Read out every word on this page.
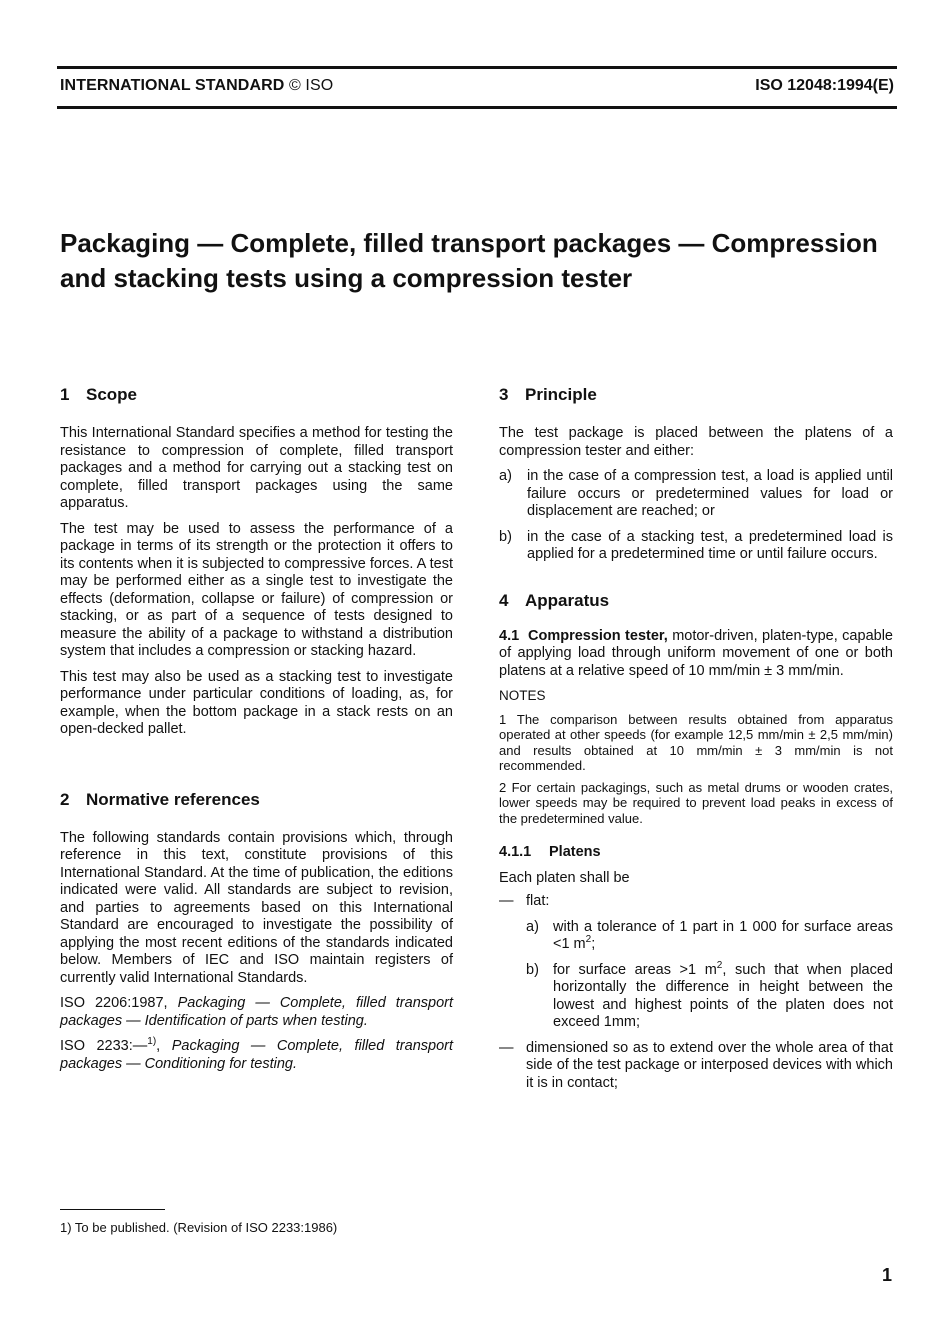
INTERNATIONAL STANDARD © ISO	ISO 12048:1994(E)
Packaging — Complete, filled transport packages — Compression and stacking tests using a compression tester
1 Scope

This International Standard specifies a method for testing the resistance to compression of complete, filled transport packages and a method for carrying out a stacking test on complete, filled transport packages using the same apparatus.

The test may be used to assess the performance of a package in terms of its strength or the protection it offers to its contents when it is subjected to compressive forces. A test may be performed either as a single test to investigate the effects (deformation, collapse or failure) of compression or stacking, or as part of a sequence of tests designed to measure the ability of a package to withstand a distribution system that includes a compression or stacking hazard.

This test may also be used as a stacking test to investigate performance under particular conditions of loading, as, for example, when the bottom package in a stack rests on an open-decked pallet.

2 Normative references

The following standards contain provisions which, through reference in this text, constitute provisions of this International Standard. At the time of publication, the editions indicated were valid. All standards are subject to revision, and parties to agreements based on this International Standard are encouraged to investigate the possibility of applying the most recent editions of the standards indicated below. Members of IEC and ISO maintain registers of currently valid International Standards.

ISO 2206:1987, Packaging — Complete, filled transport packages — Identification of parts when testing.

ISO 2233:—$^{1)}$, Packaging — Complete, filled transport packages — Conditioning for testing.

3 Principle

The test package is placed between the platens of a compression tester and either:

a)	in the case of a compression test, a load is applied until failure occurs or predetermined values for load or displacement are reached; or
b)	in the case of a stacking test, a predetermined load is applied for a predetermined time or until failure occurs.
4 Apparatus

4.1 Compression tester, motor-driven, platen-type, capable of applying load through uniform movement of one or both platens at a relative speed of 10 mm/min ± 3 mm/min.

NOTES

1 The comparison between results obtained from apparatus operated at other speeds (for example 12,5 mm/min ± 2,5 mm/min) and results obtained at 10 mm/min ± 3 mm/min is not recommended.

2 For certain packagings, such as metal drums or wooden crates, lower speeds may be required to prevent load peaks in excess of the predetermined value.

4.1.1 Platens

Each platen shall be

— flat:
a) with a tolerance of 1 part in 1 000 for surface areas <1 $m^2$;
b) for surface areas >1 $m^2$, such that when placed horizontally the difference in height between the lowest and highest points of the platen does not exceed 1mm;
— dimensioned so as to extend over the whole area of that side of the test package or interposed devices with which it is in contact;
1) To be published. (Revision of ISO 2233:1986)
1
